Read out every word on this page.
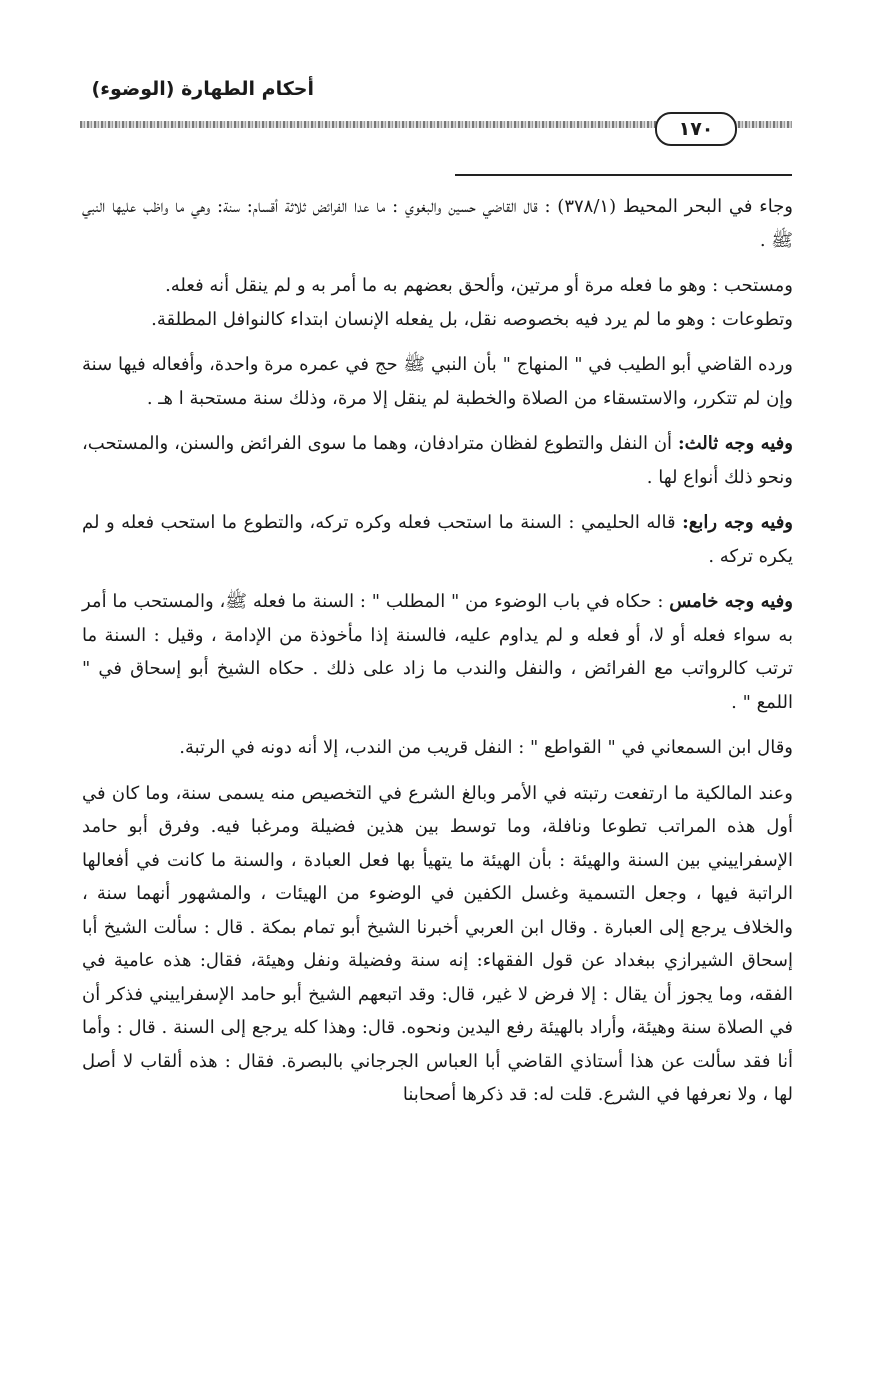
أحكام الطهارة (الوضوء)
١٧٠

وجاء في البحر المحيط (٣٧٨/١) : قال القاضي حسين والبغوي : ما عدا الفرائض ثلاثة أقسام: سنة: وهي ما واظب عليها النبي ﷺ .

ومستحب : وهو ما فعله مرة أو مرتين، وألحق بعضهم به ما أمر به و لم ينقل أنه فعله.

وتطوعات : وهو ما لم يرد فيه بخصوصه نقل، بل يفعله الإنسان ابتداء كالنوافل المطلقة.

ورده القاضي أبو الطيب في " المنهاج " بأن النبي ﷺ حج في عمره مرة واحدة، وأفعاله فيها سنة وإن لم تتكرر، والاستسقاء من الصلاة والخطبة لم ينقل إلا مرة، وذلك سنة مستحبة ا هـ .

وفيه وجه ثالث: أن النفل والتطوع لفظان مترادفان، وهما ما سوى الفرائض والسنن، والمستحب، ونحو ذلك أنواع لها .

وفيه وجه رابع: قاله الحليمي : السنة ما استحب فعله وكره تركه، والتطوع ما استحب فعله و لم يكره تركه .

وفيه وجه خامس : حكاه في باب الوضوء من " المطلب " : السنة ما فعله ﷺ، والمستحب ما أمر به سواء فعله أو لا، أو فعله و لم يداوم عليه، فالسنة إذا مأخوذة من الإدامة ، وقيل : السنة ما ترتب كالرواتب مع الفرائض ، والنفل والندب ما زاد على ذلك . حكاه الشيخ أبو إسحاق في " اللمع " .

وقال ابن السمعاني في " القواطع " : النفل قريب من الندب، إلا أنه دونه في الرتبة.

وعند المالكية ما ارتفعت رتبته في الأمر وبالغ الشرع في التخصيص منه يسمى سنة، وما كان في أول هذه المراتب تطوعا ونافلة، وما توسط بين هذين فضيلة ومرغبا فيه. وفرق أبو حامد الإسفراييني بين السنة والهيئة : بأن الهيئة ما يتهيأ بها فعل العبادة ، والسنة ما كانت في أفعالها الراتبة فيها ، وجعل التسمية وغسل الكفين في الوضوء من الهيئات ، والمشهور أنهما سنة ، والخلاف يرجع إلى العبارة . وقال ابن العربي أخبرنا الشيخ أبو تمام بمكة . قال : سألت الشيخ أبا إسحاق الشيرازي ببغداد عن قول الفقهاء: إنه سنة وفضيلة ونفل وهيئة، فقال: هذه عامية في الفقه، وما يجوز أن يقال : إلا فرض لا غير، قال: وقد اتبعهم الشيخ أبو حامد الإسفراييني فذكر أن في الصلاة سنة وهيئة، وأراد بالهيئة رفع اليدين ونحوه. قال: وهذا كله يرجع إلى السنة . قال : وأما أنا فقد سألت عن هذا أستاذي القاضي أبا العباس الجرجاني بالبصرة. فقال : هذه ألقاب لا أصل لها ، ولا نعرفها في الشرع. قلت له: قد ذكرها أصحابنا
